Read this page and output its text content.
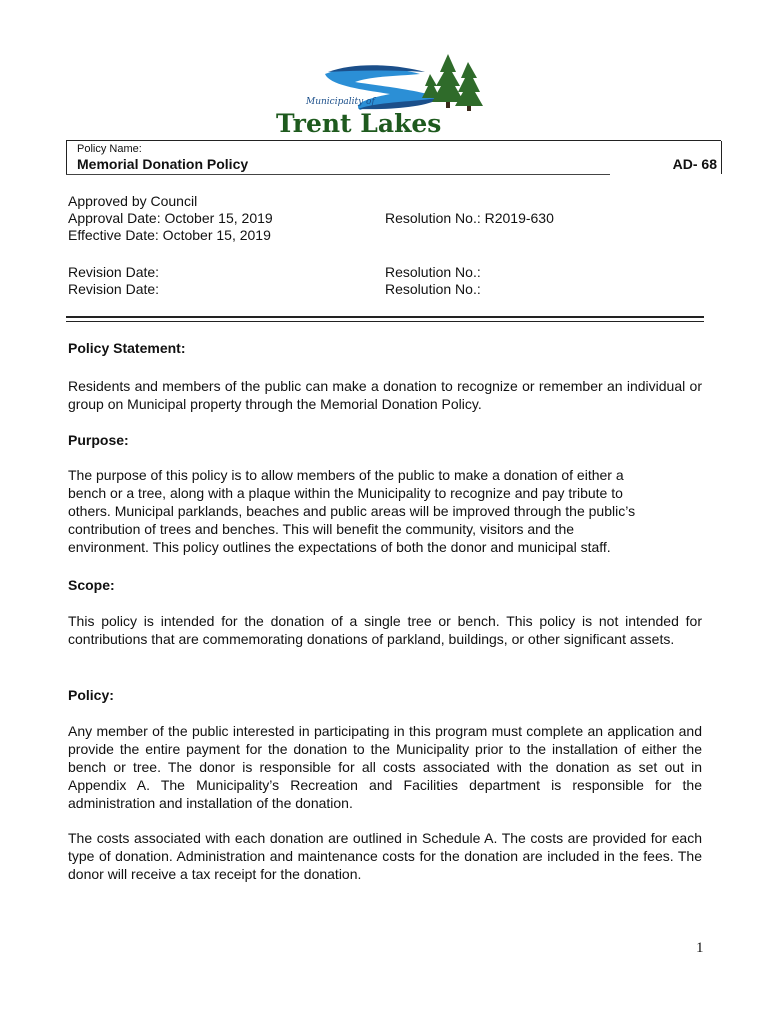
Municipality of
Trent Lakes
Policy Name:
Memorial Donation Policy	AD- 68
Approved by Council
Approval Date: October 15, 2019
Effective Date: October 15, 2019
Resolution No.: R2019-630
Revision Date:
Revision Date:
Resolution No.:
Resolution No.:
Policy Statement:
Residents and members of the public can make a donation to recognize or remember an individual or group on Municipal property through the Memorial Donation Policy.
Purpose:
The purpose of this policy is to allow members of the public to make a donation of either a
bench or a tree, along with a plaque within the Municipality to recognize and pay tribute to
others. Municipal parklands, beaches and public areas will be improved through the public’s
contribution of trees and benches. This will benefit the community, visitors and the
environment. This policy outlines the expectations of both the donor and municipal staff.
Scope:
This policy is intended for the donation of a single tree or bench. This policy is not intended for contributions that are commemorating donations of parkland, buildings, or other significant assets.
Policy:
Any member of the public interested in participating in this program must complete an application and provide the entire payment for the donation to the Municipality prior to the installation of either the bench or tree. The donor is responsible for all costs associated with the donation as set out in Appendix A. The Municipality’s Recreation and Facilities department is responsible for the administration and installation of the donation.
The costs associated with each donation are outlined in Schedule A. The costs are provided for each type of donation. Administration and maintenance costs for the donation are included in the fees. The donor will receive a tax receipt for the donation.
1
